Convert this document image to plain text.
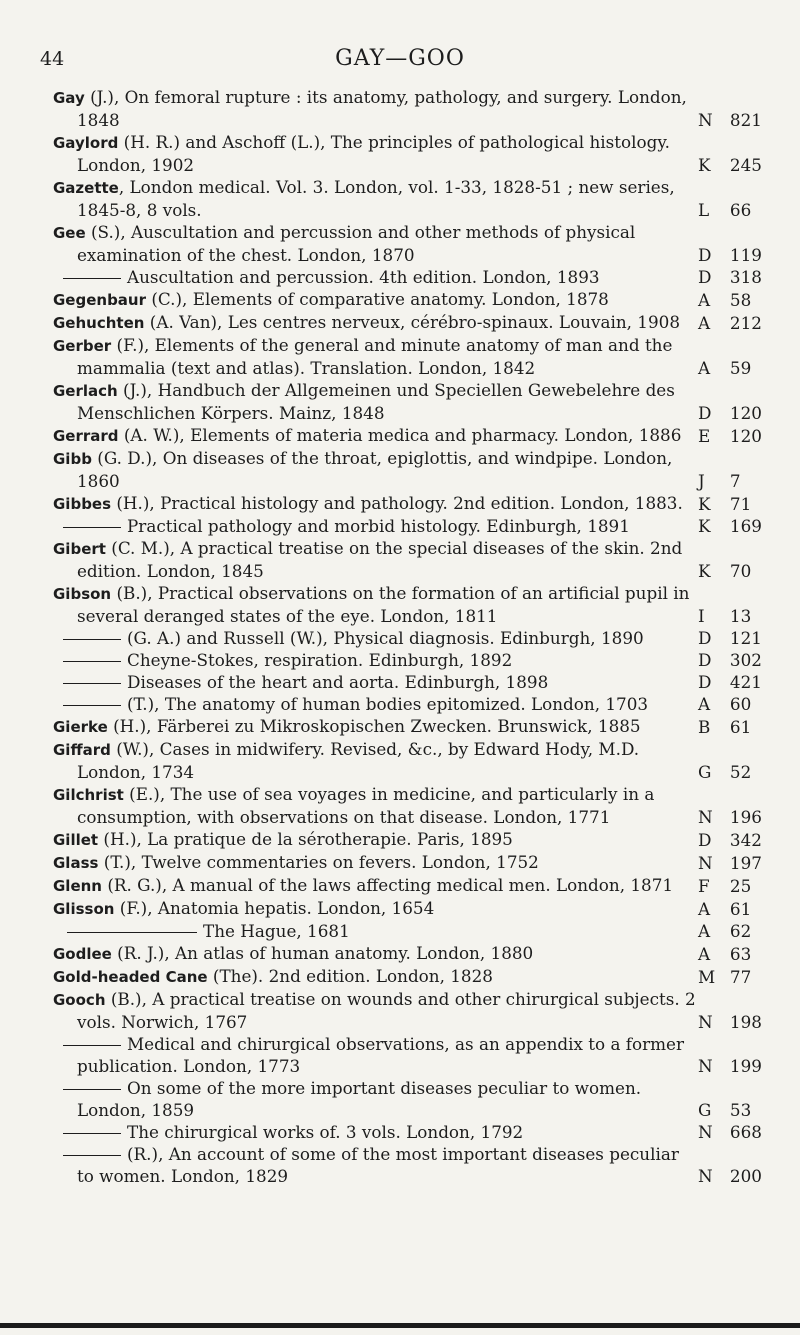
44	GAY—GOO
Gay (J.), On femoral rupture : its anatomy, pathology, and surgery. London, 1848	N	821
Gaylord (H. R.) and Aschoff (L.), The principles of pathological histology. London, 1902	K	245
Gazette, London medical. Vol. 3. London, vol. 1-33, 1828-51 ; new series, 1845-8, 8 vols.	L	66
Gee (S.), Auscultation and percussion and other methods of physical examination of the chest. London, 1870	D	119
Auscultation and percussion. 4th edition. London, 1893	D	318
Gegenbaur (C.), Elements of comparative anatomy. London, 1878	A	58
Gehuchten (A. Van), Les centres nerveux, cérébro-spinaux. Louvain, 1908	A	212
Gerber (F.), Elements of the general and minute anatomy of man and the mammalia (text and atlas). Translation. London, 1842	A	59
Gerlach (J.), Handbuch der Allgemeinen und Speciellen Gewebelehre des Menschlichen Körpers. Mainz, 1848	D	120
Gerrard (A. W.), Elements of materia medica and pharmacy. London, 1886 E	120
Gibb (G. D.), On diseases of the throat, epiglottis, and windpipe. London, 1860	J	7
Gibbes (H.), Practical histology and pathology. 2nd edition. London, 1883. K	71
Practical pathology and morbid histology. Edinburgh, 1891	K	169
Gibert (C. M.), A practical treatise on the special diseases of the skin. 2nd edition. London, 1845	K	70
Gibson (B.), Practical observations on the formation of an artificial pupil in several deranged states of the eye. London, 1811	I	13
(G. A.) and Russell (W.), Physical diagnosis. Edinburgh, 1890	D	121
Cheyne-Stokes, respiration. Edinburgh, 1892	D	302
Diseases of the heart and aorta. Edinburgh, 1898	D	421
(T.), The anatomy of human bodies epitomized. London, 1703	A	60
Gierke (H.), Färberei zu Mikroskopischen Zwecken. Brunswick, 1885	B	61
Giffard (W.), Cases in midwifery. Revised, &c., by Edward Hody, M.D. London, 1734	G	52
Gilchrist (E.), The use of sea voyages in medicine, and particularly in a consumption, with observations on that disease. London, 1771	N	196
Gillet (H.), La pratique de la sérotherapie. Paris, 1895	D	342
Glass (T.), Twelve commentaries on fevers. London, 1752	N	197
Glenn (R. G.), A manual of the laws affecting medical men. London, 1871	F	25
Glisson (F.), Anatomia hepatis. London, 1654	A	61
The Hague, 1681	A	62
Godlee (R. J.), An atlas of human anatomy. London, 1880	A	63
Gold-headed Cane (The). 2nd edition. London, 1828	M 77
Gooch (B.), A practical treatise on wounds and other chirurgical subjects. 2 vols. Norwich, 1767	N	198
Medical and chirurgical observations, as an appendix to a former publication. London, 1773	N	199
On some of the more important diseases peculiar to women. London, 1859	G	53
The chirurgical works of. 3 vols. London, 1792	N	668
(R.), An account of some of the most important diseases peculiar to women. London, 1829	N	200
